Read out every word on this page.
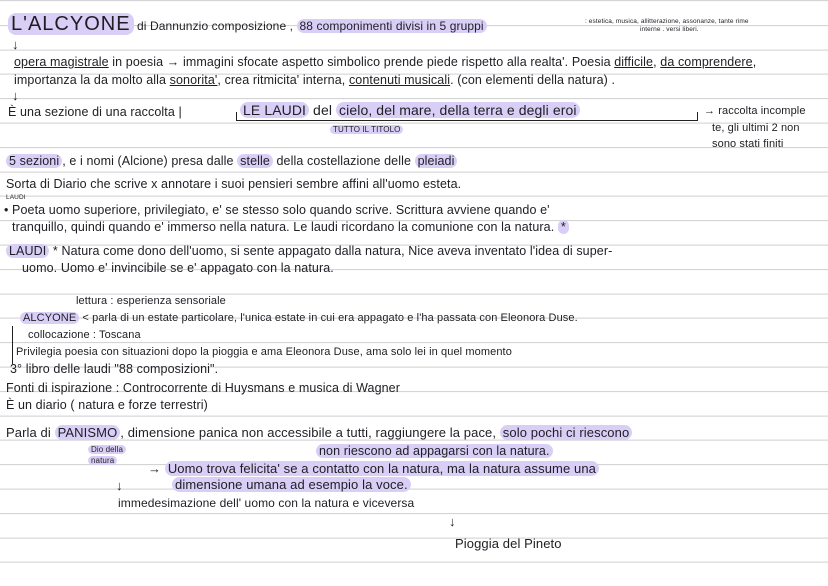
L'ALCYONE di Dannunzio composizione , 88 componimenti divisi in 5 gruppi	: estetica, musica, allitterazione, assonanze, tante rime
interne . versi liberi.
↓
opera magistrale in poesia → immagini sfocate aspetto simbolico prende piede rispetto alla realta'. Poesia difficile, da comprendere,
importanza la da molto alla sonorita', crea ritmicita' interna, contenuti musicali. (con elementi della natura) .
↓
È una sezione di una raccolta |	LE LAUDI del cielo, del mare, della terra e degli eroi
TUTTO IL TITOLO
→ raccolta incomple
te, gli ultimi 2 non
sono stati finiti
5 sezioni , e i nomi (Alcione) presa dalle stelle della costellazione delle pleiadi
Sorta di Diario che scrive x annotare i suoi pensieri sembre affini all'uomo esteta.
LAUDI
• Poeta uomo superiore, privilegiato, e' se stesso solo quando scrive. Scrittura avviene quando e'
tranquillo, quindi quando e' immerso nella natura. Le laudi ricordano la comunione con la natura. *
LAUDI * Natura come dono dell'uomo, si sente appagato dalla natura, Nice aveva inventato l'idea di super-
uomo. Uomo e' invincibile se e' appagato con la natura.
lettura : esperienza sensoriale
ALCYONE < parla di un estate particolare, l'unica estate in cui era appagato e l'ha passata con Eleonora Duse.
collocazione : Toscana
Privilegia poesia con situazioni dopo la pioggia e ama Eleonora Duse, ama solo lei in quel momento
3° libro delle laudi "88 composizioni".
Fonti di ispirazione : Controcorrente di Huysmans e musica di Wagner
È un diario ( natura e forze terrestri)
Parla di PANISMO , dimensione panica non accessibile a tutti, raggiungere la pace, solo pochi ci riescono
Dio della
natura
non riescono ad appagarsi con la natura.
→ Uomo trova felicita' se a contatto con la natura, ma la natura assume una
dimensione umana ad esempio la voce.
↓
immedesimazione dell' uomo con la natura e viceversa
↓
Pioggia del Pineto
